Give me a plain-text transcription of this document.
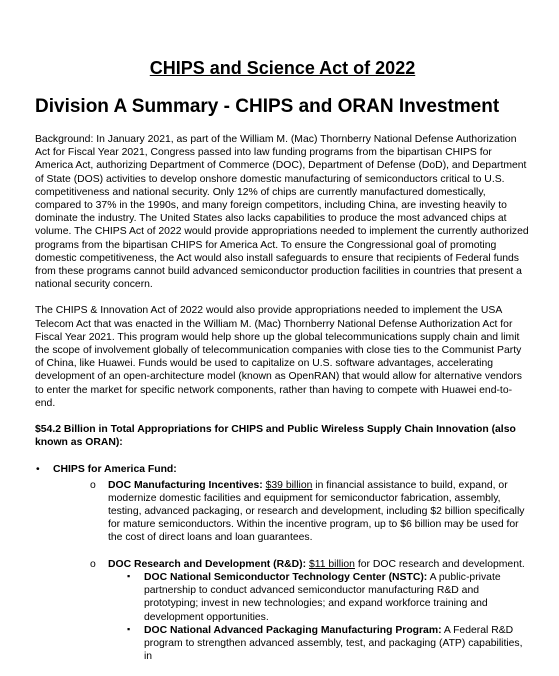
CHIPS and Science Act of 2022
Division A Summary - CHIPS and ORAN Investment

Background: In January 2021, as part of the William M. (Mac) Thornberry National Defense Authorization Act for Fiscal Year 2021, Congress passed into law funding programs from the bipartisan CHIPS for America Act, authorizing Department of Commerce (DOC), Department of Defense (DoD), and Department of State (DOS) activities to develop onshore domestic manufacturing of semiconductors critical to U.S. competitiveness and national security. Only 12% of chips are currently manufactured domestically, compared to 37% in the 1990s, and many foreign competitors, including China, are investing heavily to dominate the industry. The United States also lacks capabilities to produce the most advanced chips at volume. The CHIPS Act of 2022 would provide appropriations needed to implement the currently authorized programs from the bipartisan CHIPS for America Act. To ensure the Congressional goal of promoting domestic competitiveness, the Act would also install safeguards to ensure that recipients of Federal funds from these programs cannot build advanced semiconductor production facilities in countries that present a national security concern.

The CHIPS & Innovation Act of 2022 would also provide appropriations needed to implement the USA Telecom Act that was enacted in the William M. (Mac) Thornberry National Defense Authorization Act for Fiscal Year 2021. This program would help shore up the global telecommunications supply chain and limit the scope of involvement globally of telecommunication companies with close ties to the Communist Party of China, like Huawei. Funds would be used to capitalize on U.S. software advantages, accelerating development of an open-architecture model (known as OpenRAN) that would allow for alternative vendors to enter the market for specific network components, rather than having to compete with Huawei end-to-end.

$54.2 Billion in Total Appropriations for CHIPS and Public Wireless Supply Chain Innovation (also known as ORAN):

• CHIPS for America Fund:
o DOC Manufacturing Incentives: $39 billion in financial assistance to build, expand, or modernize domestic facilities and equipment for semiconductor fabrication, assembly, testing, advanced packaging, or research and development, including $2 billion specifically for mature semiconductors. Within the incentive program, up to $6 billion may be used for the cost of direct loans and loan guarantees.
o DOC Research and Development (R&D): $11 billion for DOC research and development.
▪ DOC National Semiconductor Technology Center (NSTC): A public-private partnership to conduct advanced semiconductor manufacturing R&D and prototyping; invest in new technologies; and expand workforce training and development opportunities.
▪ DOC National Advanced Packaging Manufacturing Program: A Federal R&D program to strengthen advanced assembly, test, and packaging (ATP) capabilities, in
